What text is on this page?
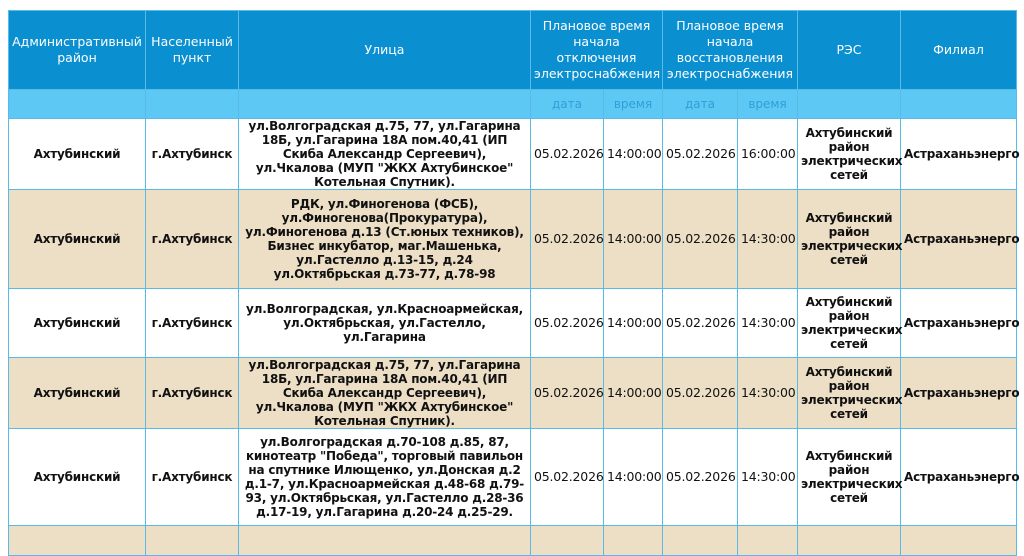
Административный район	Населенный пункт	Улица	Плановое время начала отключения электроснабжения		Плановое время начала восстановления электроснабжения		РЭС	Филиал
			дата	время	дата	время		
Ахтубинский	г.Ахтубинск	ул.Волгоградская д.75, 77, ул.Гагарина 18Б, ул.Гагарина 18А пом.40,41 (ИП Скиба Александр Сергеевич), ул.Чкалова (МУП "ЖКХ Ахтубинское" Котельная Спутник).	05.02.2026	14:00:00	05.02.2026	16:00:00	Ахтубинский район электрических сетей	Астраханьэнерго
Ахтубинский	г.Ахтубинск	РДК, ул.Финогенова (ФСБ), ул.Финогенова(Прокуратура), ул.Финогенова д.13 (Ст.юных техников), Бизнес инкубатор, маг.Машенька, ул.Гастелло д.13-15, д.24 ул.Октябрьская д.73-77, д.78-98	05.02.2026	14:00:00	05.02.2026	14:30:00	Ахтубинский район электрических сетей	Астраханьэнерго
Ахтубинский	г.Ахтубинск	ул.Волгоградская, ул.Красноармейская, ул.Октябрьская, ул.Гастелло, ул.Гагарина	05.02.2026	14:00:00	05.02.2026	14:30:00	Ахтубинский район электрических сетей	Астраханьэнерго
Ахтубинский	г.Ахтубинск	ул.Волгоградская д.75, 77, ул.Гагарина 18Б, ул.Гагарина 18А пом.40,41 (ИП Скиба Александр Сергеевич), ул.Чкалова (МУП "ЖКХ Ахтубинское" Котельная Спутник).	05.02.2026	14:00:00	05.02.2026	14:30:00	Ахтубинский район электрических сетей	Астраханьэнерго
Ахтубинский	г.Ахтубинск	ул.Волгоградская д.70-108 д.85, 87, кинотеатр "Победа", торговый павильон на спутнике Илющенко, ул.Донская д.2 д.1-7, ул.Красноармейская д.48-68 д.79-93, ул.Октябрьская, ул.Гастелло д.28-36 д.17-19, ул.Гагарина д.20-24 д.25-29.	05.02.2026	14:00:00	05.02.2026	14:30:00	Ахтубинский район электрических сетей	Астраханьэнерго
